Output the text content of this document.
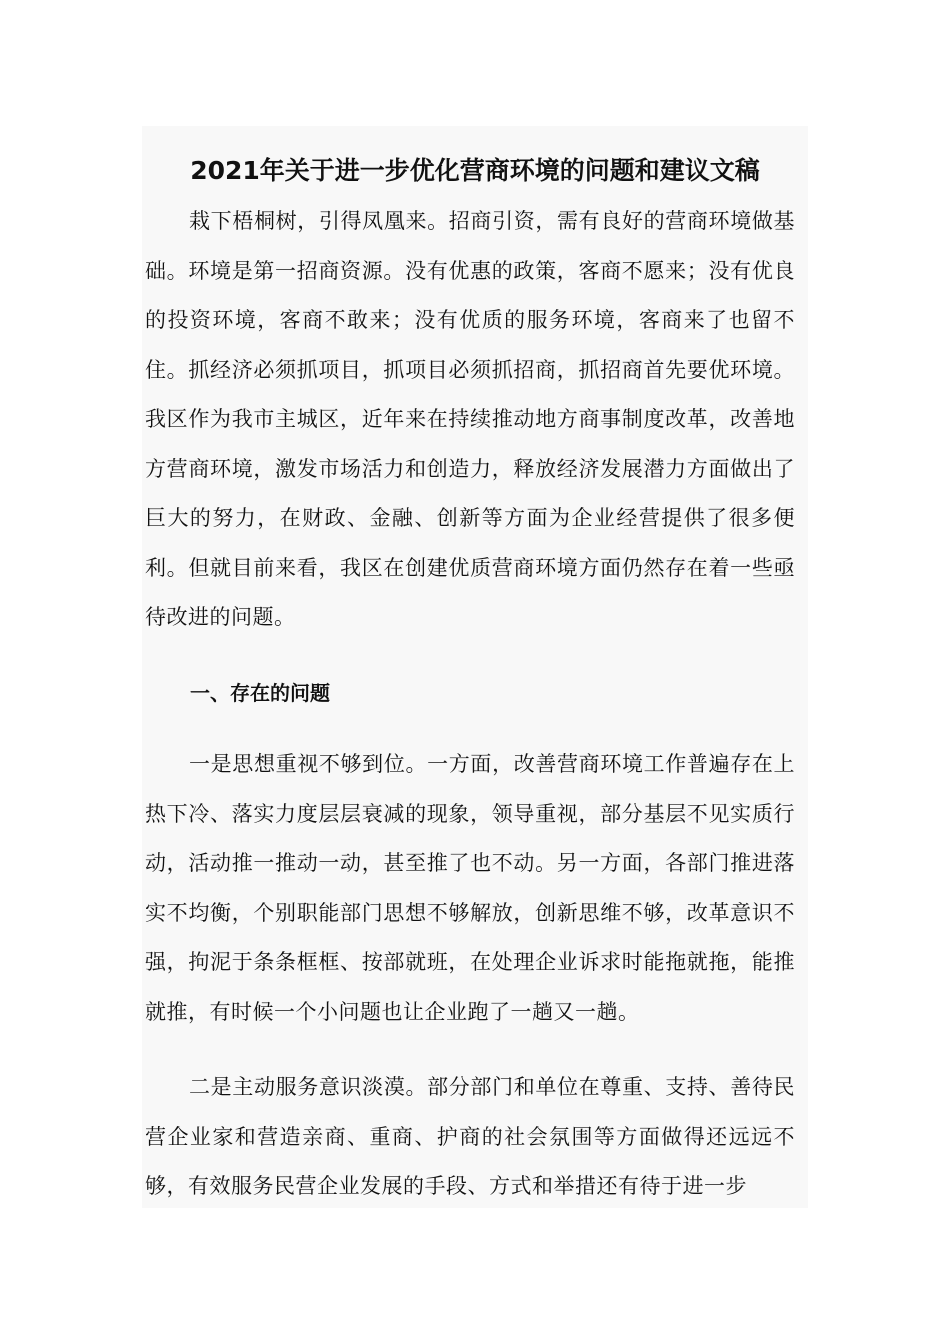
2021年关于进一步优化营商环境的问题和建议文稿

栽下梧桐树，引得凤凰来。招商引资，需有良好的营商环境做基础。环境是第一招商资源。没有优惠的政策，客商不愿来；没有优良的投资环境，客商不敢来；没有优质的服务环境，客商来了也留不住。抓经济必须抓项目，抓项目必须抓招商，抓招商首先要优环境。我区作为我市主城区，近年来在持续推动地方商事制度改革，改善地方营商环境，激发市场活力和创造力，释放经济发展潜力方面做出了巨大的努力，在财政、金融、创新等方面为企业经营提供了很多便利。但就目前来看，我区在创建优质营商环境方面仍然存在着一些亟待改进的问题。

一、存在的问题

一是思想重视不够到位。一方面，改善营商环境工作普遍存在上热下冷、落实力度层层衰减的现象，领导重视，部分基层不见实质行动，活动推一推动一动，甚至推了也不动。另一方面，各部门推进落实不均衡，个别职能部门思想不够解放，创新思维不够，改革意识不强，拘泥于条条框框、按部就班，在处理企业诉求时能拖就拖，能推就推，有时候一个小问题也让企业跑了一趟又一趟。

二是主动服务意识淡漠。部分部门和单位在尊重、支持、善待民营企业家和营造亲商、重商、护商的社会氛围等方面做得还远远不够，有效服务民营企业发展的手段、方式和举措还有待于进一步
